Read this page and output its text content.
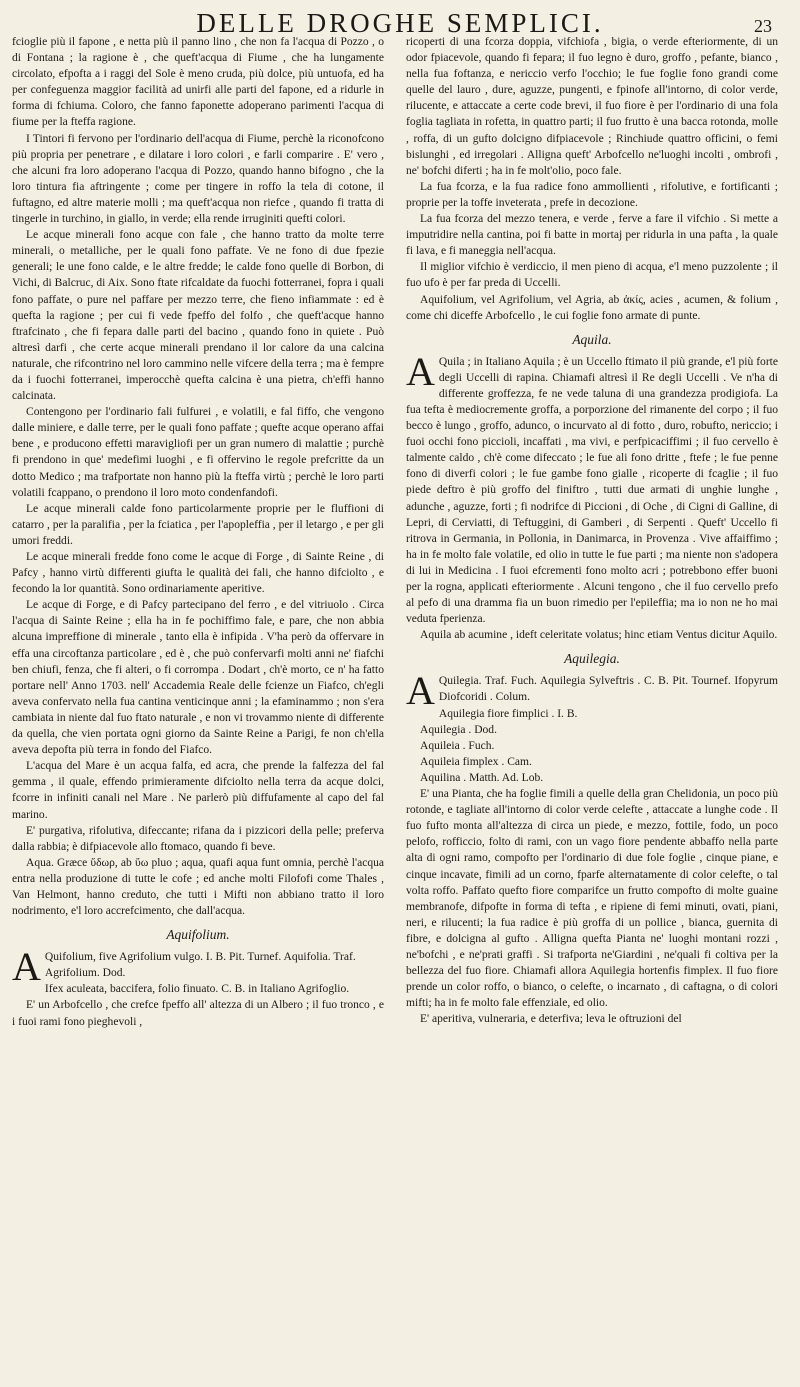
DELLE DROGHE SEMPLICI.	23

fcioglie più il fapone , e netta più il panno lino , che non fa l'acqua di Pozzo , o di Fontana ; la ragione è , che queft'acqua di Fiume , che ha lungamente circolato, efpofta a i raggi del Sole è meno cruda, più dolce, più untuofa, ed ha per confeguenza maggior facilità ad unirfi alle parti del fapone, ed a ridurle in forma di fchiuma. Coloro, che fanno faponette adoperano parimenti l'acqua di fiume per la fteffa ragione.

I Tintori fi fervono per l'ordinario dell'acqua di Fiume, perchè la riconofcono più propria per penetrare , e dilatare i loro colori , e farli comparire . E' vero , che alcuni fra loro adoperano l'acqua di Pozzo, quando hanno bifogno , che la loro tintura fia aftringente ; come per tingere in roffo la tela di cotone, il fuftagno, ed altre materie molli ; ma queft'acqua non riefce , quando fi tratta di tingerle in turchino, in giallo, in verde; ella rende irruginiti quefti colori.

Le acque minerali fono acque con fale , che hanno tratto da molte terre minerali, o metalliche, per le quali fono paffate. Ve ne fono di due fpezie generali; le une fono calde, e le altre fredde; le calde fono quelle di Borbon, di Vichi, di Balcruc, di Aix. Sono ftate rifcaldate da fuochi fotterranei, fopra i quali fono paffate, o pure nel paffare per mezzo terre, che fieno infiammate : ed è quefta la ragione ; per cui fi vede fpeffo del folfo , che queft'acque hanno ftrafcinato , che fi fepara dalle parti del bacino , quando fono in quiete . Può altresì darfi , che certe acque minerali prendano il lor calore da una calcina naturale, che rifcontrino nel loro cammino nelle vifcere della terra ; ma è fempre da i fuochi fotterranei, imperocchè quefta calcina è una pietra, ch'effi hanno calcinata.

Contengono per l'ordinario fali fulfurei , e volatili, e fal fiffo, che vengono dalle miniere, e dalle terre, per le quali fono paffate ; quefte acque operano affai bene , e producono effetti maravigliofi per un gran numero di malattie ; purchè fi prendono in que' medefimi luoghi , e fi offervino le regole prefcritte da un dotto Medico ; ma trafportate non hanno più la fteffa virtù ; perchè le loro parti volatili fcappano, o prendono il loro moto condenfandofi.

Le acque minerali calde fono particolarmente proprie per le fluffioni di catarro , per la paralifia , per la fciatica , per l'apopleffia , per il letargo , e per gli umori freddi.

Le acque minerali fredde fono come le acque di Forge , di Sainte Reine , di Pafcy , hanno virtù differenti giufta le qualità dei fali, che hanno difciolto , e fecondo la lor quantità. Sono ordinariamente aperitive.

Le acque di Forge, e di Pafcy partecipano del ferro , e del vitriuolo . Circa l'acqua di Sainte Reine ; ella ha in fe pochiffimo fale, e pare, che non abbia alcuna impreffione di minerale , tanto ella è infipida . V'ha però da offervare in effa una circoftanza particolare , ed è , che può confervarfi molti anni ne' fiafchi ben chiufi, fenza, che fi alteri, o fi corrompa . Dodart , ch'è morto, ce n' ha fatto portare nell' Anno 1703. nell' Accademia Reale delle fcienze un Fiafco, ch'egli aveva confervato nella fua cantina venticinque anni ; la efaminammo ; non s'era cambiata in niente dal fuo ftato naturale , e non vi trovammo niente di differente da quella, che vien portata ogni giorno da Sainte Reine a Parigi, fe non ch'ella aveva depofta più terra in fondo del Fiafco.

L'acqua del Mare è un acqua falfa, ed acra, che prende la falfezza del fal gemma , il quale, effendo primieramente difciolto nella terra da acque dolci, fcorre in infiniti canali nel Mare . Ne parlerò più diffufamente al capo del fal marino.

E' purgativa, rifolutiva, difeccante; rifana da i pizzicori della pelle; preferva dalla rabbia; è difpiacevole allo ftomaco, quando fi beve.

Aqua. Græce ὕδωρ, ab ὕω pluo ; aqua, quafi aqua funt omnia, perchè l'acqua entra nella produzione di tutte le cofe ; ed anche molti Filofofi come Thales , Van Helmont, hanno creduto, che tutti i Mifti non abbiano tratto il loro nodrimento, e'l loro accrefcimento, che dall'acqua.

Aquifolium.

A Quifolium, five Agrifolium vulgo. I. B. Pit. Turnef. Aquifolia. Traf.

Agrifolium. Dod.

Ifex aculeata, baccifera, folio finuato. C. B. in Italiano Agrifoglio.

E' un Arbofcello , che crefce fpeffo all' altezza di un Albero ; il fuo tronco , e i fuoi rami fono pieghevoli ,

ricoperti di una fcorza doppia, vifchiofa , bigia, o verde efteriormente, di un odor fpiacevole, quando fi fepara; il fuo legno è duro, groffo , pefante, bianco , nella fua foftanza, e nericcio verfo l'occhio; le fue foglie fono grandi come quelle del lauro , dure, aguzze, pungenti, e fpinofe all'intorno, di color verde, rilucente, e attaccate a certe code brevi, il fuo fiore è per l'ordinario di una fola foglia tagliata in rofetta, in quattro parti; il fuo frutto è una bacca rotonda, molle , roffa, di un gufto dolcigno difpiacevole ; Rinchiude quattro officini, o femi bislunghi , ed irregolari . Alligna queft' Arbofcello ne'luoghi incolti , ombrofi , ne' bofchi diferti ; ha in fe molt'olio, poco fale.

La fua fcorza, e la fua radice fono ammollienti , rifolutive, e fortificanti ; proprie per la toffe inveterata , prefe in decozione.

La fua fcorza del mezzo tenera, e verde , ferve a fare il vifchio . Si mette a imputridire nella cantina, poi fi batte in mortaj per ridurla in una pafta , la quale fi lava, e fi maneggia nell'acqua.

Il miglior vifchio è verdiccio, il men pieno di acqua, e'l meno puzzolente ; il fuo ufo è per far preda di Uccelli.

Aquifolium, vel Agrifolium, vel Agria, ab ἀκίς, acies , acumen, & folium , come chi diceffe Arbofcello , le cui foglie fono armate di punte.

Aquila.

A Quila ; in Italiano Aquila ; è un Uccello ftimato il più grande, e'l più forte degli Uccelli di rapina. Chiamafi altresì il Re degli Uccelli . Ve n'ha di differente groffezza, fe ne vede taluna di una grandezza prodigiofa. La fua tefta è mediocremente groffa, a porporzione del rimanente del corpo ; il fuo becco è lungo , groffo, adunco, o incurvato al di fotto , duro, robufto, nericcio; i fuoi occhi fono piccioli, incaffati , ma vivi, e perfpicaciffimi ; il fuo cervello è talmente caldo , ch'è come difeccato ; le fue ali fono dritte , ftefe ; le fue penne fono di diverfi colori ; le fue gambe fono gialle , ricoperte di fcaglie ; il fuo piede deftro è più groffo del finiftro , tutti due armati di unghie lunghe , adunche , aguzze, forti ; fi nodrifce di Piccioni , di Oche , di Cigni di Galline, di Lepri, di Cerviatti, di Teftuggini, di Gamberi , di Serpenti . Queft' Uccello fi ritrova in Germania, in Pollonia, in Danimarca, in Provenza . Vive affaiffimo ; ha in fe molto fale volatile, ed olio in tutte le fue parti ; ma niente non s'adopera di lui in Medicina . I fuoi efcrementi fono molto acri ; potrebbono effer buoni per la rogna, applicati efteriormente . Alcuni tengono , che il fuo cervello prefo al pefo di una dramma fia un buon rimedio per l'epileffia; ma io non ne ho mai veduta fperienza.

Aquila ab acumine , ideft celeritate volatus; hinc etiam Ventus dicitur Aquilo.

Aquilegia.

A Quilegia. Traf. Fuch. Aquilegia Sylveftris . C. B. Pit. Tournef. Ifopyrum Diofcoridi . Colum.

Aquilegia fiore fimplici . I. B.

Aquilegia . Dod.

Aquileia . Fuch.

Aquileia fimplex . Cam.

Aquilina . Matth. Ad. Lob.

E' una Pianta, che ha foglie fimili a quelle della gran Chelidonia, un poco più rotonde, e tagliate all'intorno di color verde celefte , attaccate a lunghe code . Il fuo fufto monta all'altezza di circa un piede, e mezzo, fottile, fodo, un poco pelofo, rofficcio, folto di rami, con un vago fiore pendente abbaffo nella parte alta di ogni ramo, compofto per l'ordinario di due fole foglie , cinque piane, e cinque incavate, fimili ad un corno, fparfe alternatamente di color celefte, o tal volta roffo. Paffato quefto fiore comparifce un frutto compofto di molte guaine membranofe, difpofte in forma di tefta , e ripiene di femi minuti, ovati, piani, neri, e rilucenti; la fua radice è più groffa di un pollice , bianca, guernita di fibre, e dolcigna al gufto . Alligna quefta Pianta ne' luoghi montani rozzi , ne'bofchi , e ne'prati graffi . Si trafporta ne'Giardini , ne'quali fi coltiva per la bellezza del fuo fiore. Chiamafi allora Aquilegia hortenfis fimplex. Il fuo fiore prende un color roffo, o bianco, o celefte, o incarnato , di caftagna, o di colori mifti; ha in fe molto fale effenziale, ed olio.

E' aperitiva, vulneraria, e deterfiva; leva le oftruzioni del
